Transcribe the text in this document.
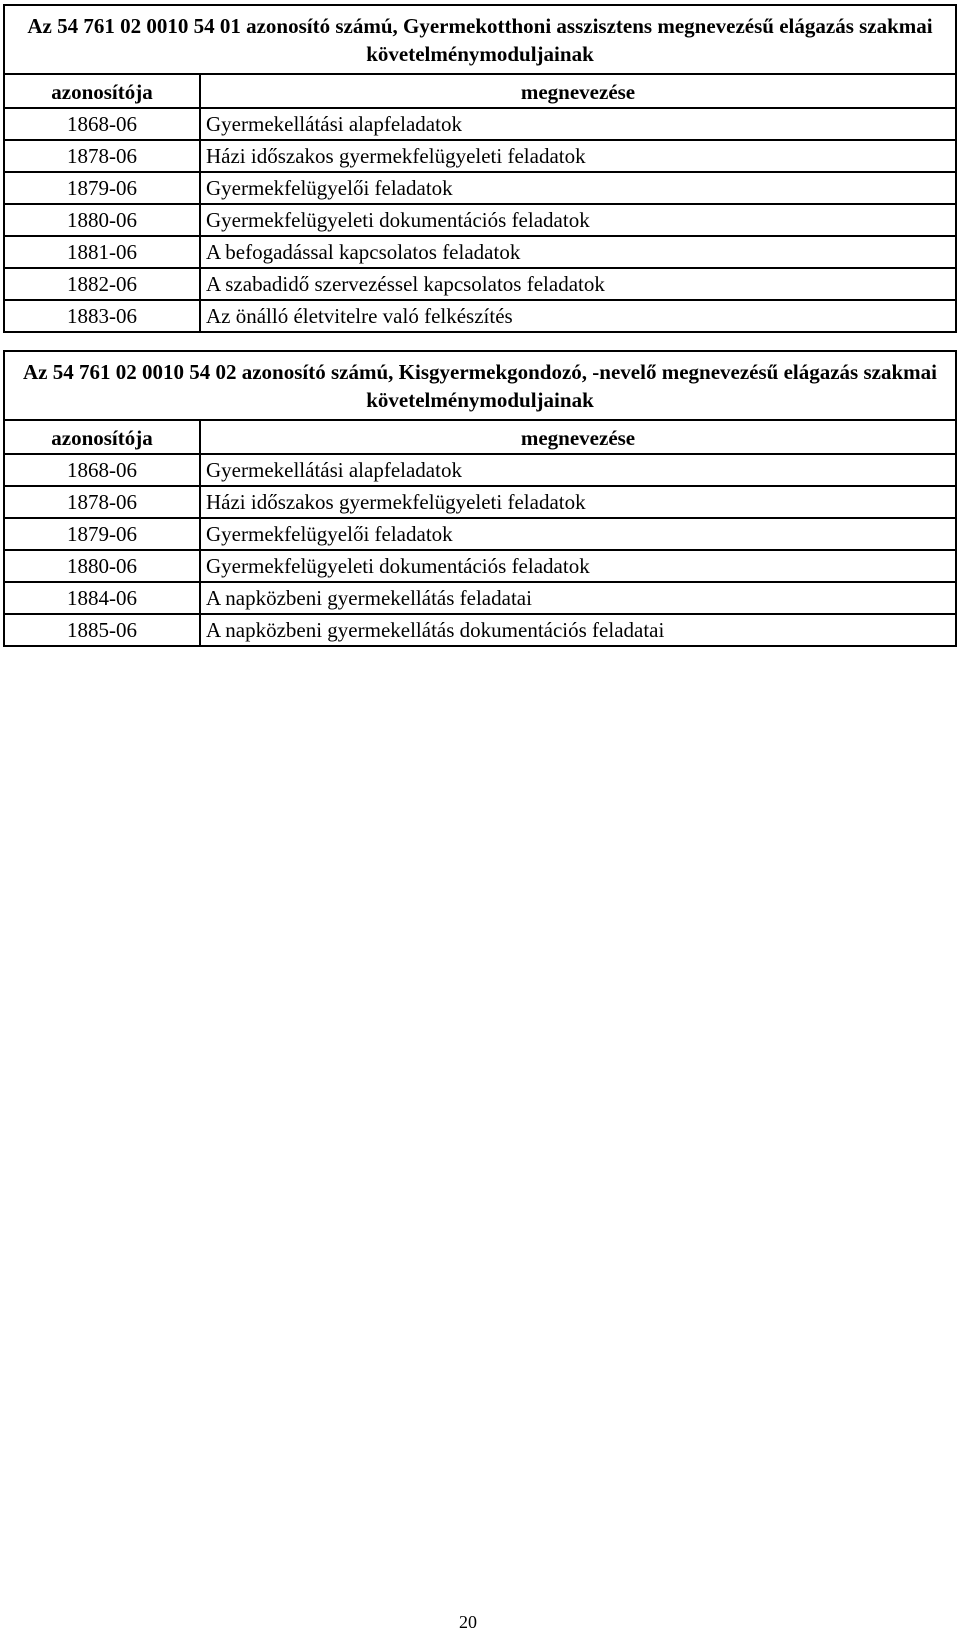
Az 54 761 02 0010 54 01 azonosító számú, Gyermekotthoni asszisztens megnevezésű elágazás szakmai követelménymoduljainak	
azonosítója	megnevezése
1868-06	Gyermekellátási alapfeladatok
1878-06	Házi időszakos gyermekfelügyeleti feladatok
1879-06	Gyermekfelügyelői feladatok
1880-06	Gyermekfelügyeleti dokumentációs feladatok
1881-06	A befogadással kapcsolatos feladatok
1882-06	A szabadidő szervezéssel kapcsolatos feladatok
1883-06	Az önálló életvitelre való felkészítés
Az 54 761 02 0010 54 02 azonosító számú, Kisgyermekgondozó, -nevelő megnevezésű elágazás szakmai követelménymoduljainak	
azonosítója	megnevezése
1868-06	Gyermekellátási alapfeladatok
1878-06	Házi időszakos gyermekfelügyeleti feladatok
1879-06	Gyermekfelügyelői feladatok
1880-06	Gyermekfelügyeleti dokumentációs feladatok
1884-06	A napközbeni gyermekellátás feladatai
1885-06	A napközbeni gyermekellátás dokumentációs feladatai
20
